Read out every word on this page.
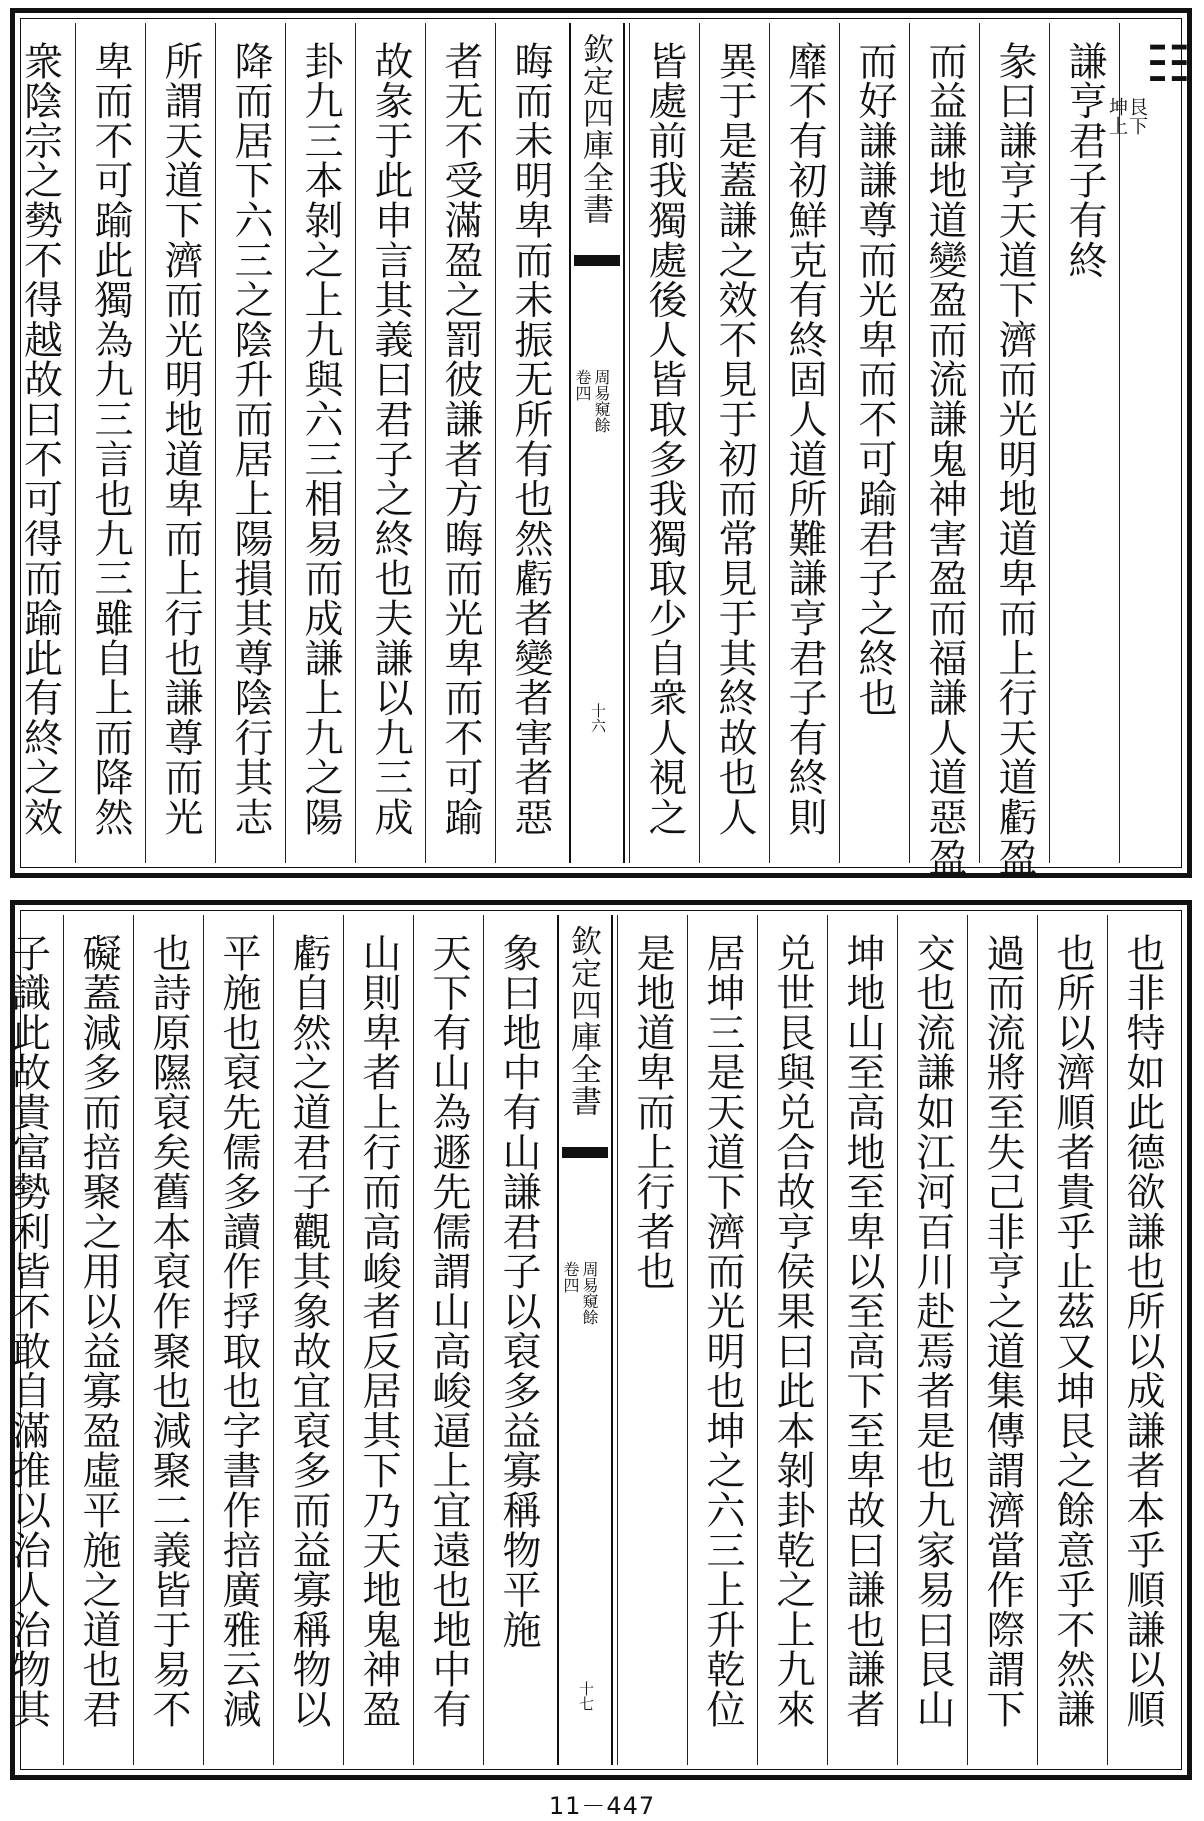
☷
艮下
坤上
謙亨君子有終
彖曰謙亨天道下濟而光明地道卑而上行天道虧盈
而益謙地道變盈而流謙鬼神害盈而福謙人道惡盈
而好謙謙尊而光卑而不可踰君子之終也
靡不有初鮮克有終固人道所難謙亨君子有終則
異于是蓋謙之效不見于初而常見于其終故也人
皆處前我獨處後人皆取多我獨取少自衆人視之
欽定四庫全書
周易窺餘
卷四
十六
晦而未明卑而未振无所有也然虧者變者害者惡
者无不受滿盈之罰彼謙者方晦而光卑而不可踰
故彖于此申言其義曰君子之終也夫謙以九三成
卦九三本剝之上九與六三相易而成謙上九之陽
降而居下六三之陰升而居上陽損其尊陰行其志
所謂天道下濟而光明地道卑而上行也謙尊而光
卑而不可踰此獨為九三言也九三雖自上而降然
衆陰宗之勢不得越故曰不可得而踰此有終之效
也非特如此德欲謙也所以成謙者本乎順謙以順
也所以濟順者貴乎止茲又坤艮之餘意乎不然謙
過而流將至失己非亨之道集傳謂濟當作際謂下
交也流謙如江河百川赴焉者是也九家易曰艮山
坤地山至高地至卑以至高下至卑故曰謙也謙者
兑世艮與兑合故亨侯果曰此本剝卦乾之上九來
居坤三是天道下濟而光明也坤之六三上升乾位
是地道卑而上行者也
欽定四庫全書
周易窺餘
卷四
十七
象曰地中有山謙君子以裒多益寡稱物平施
天下有山為遯先儒謂山高峻逼上宜遠也地中有
山則卑者上行而高峻者反居其下乃天地鬼神盈
虧自然之道君子觀其象故宜裒多而益寡稱物以
平施也裒先儒多讀作捊取也字書作掊廣雅云減
也詩原隰裒矣舊本裒作聚也減聚二義皆于易不
礙蓋減多而掊聚之用以益寡盈虛平施之道也君
子識此故貴富勢利皆不敢自滿推以治人治物其
11－447
